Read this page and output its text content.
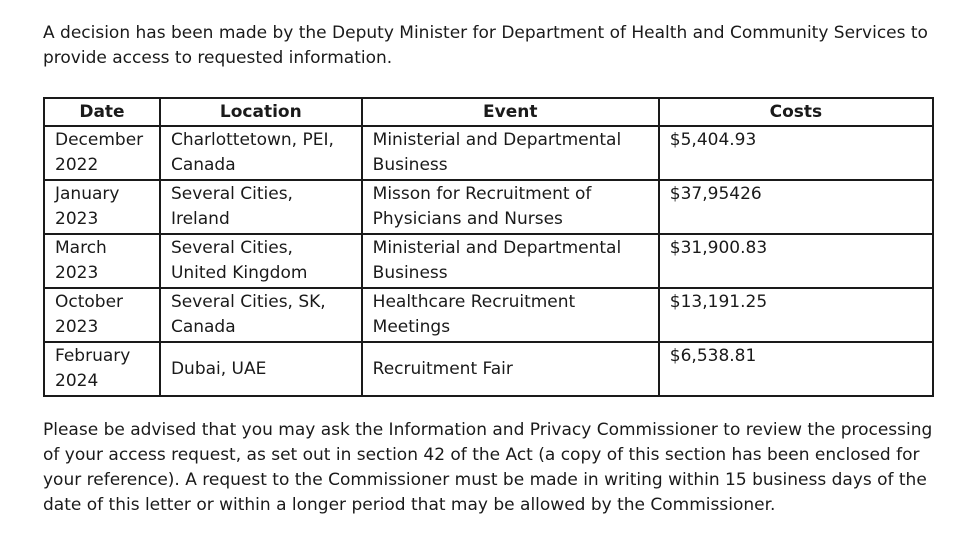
A decision has been made by the Deputy Minister for Department of Health and Community Services to provide access to requested information.

Date	Location	Event	Costs
December 2022	Charlottetown, PEI, Canada	Ministerial and Departmental Business	$5,404.93
January 2023	Several Cities, Ireland	Misson for Recruitment of Physicians and Nurses	$37,95426
March 2023	Several Cities, United Kingdom	Ministerial and Departmental Business	$31,900.83
October 2023	Several Cities, SK, Canada	Healthcare Recruitment Meetings	$13,191.25
February 2024	Dubai, UAE	Recruitment Fair	$6,538.81

Please be advised that you may ask the Information and Privacy Commissioner to review the processing of your access request, as set out in section 42 of the Act (a copy of this section has been enclosed for your reference). A request to the Commissioner must be made in writing within 15 business days of the date of this letter or within a longer period that may be allowed by the Commissioner.
